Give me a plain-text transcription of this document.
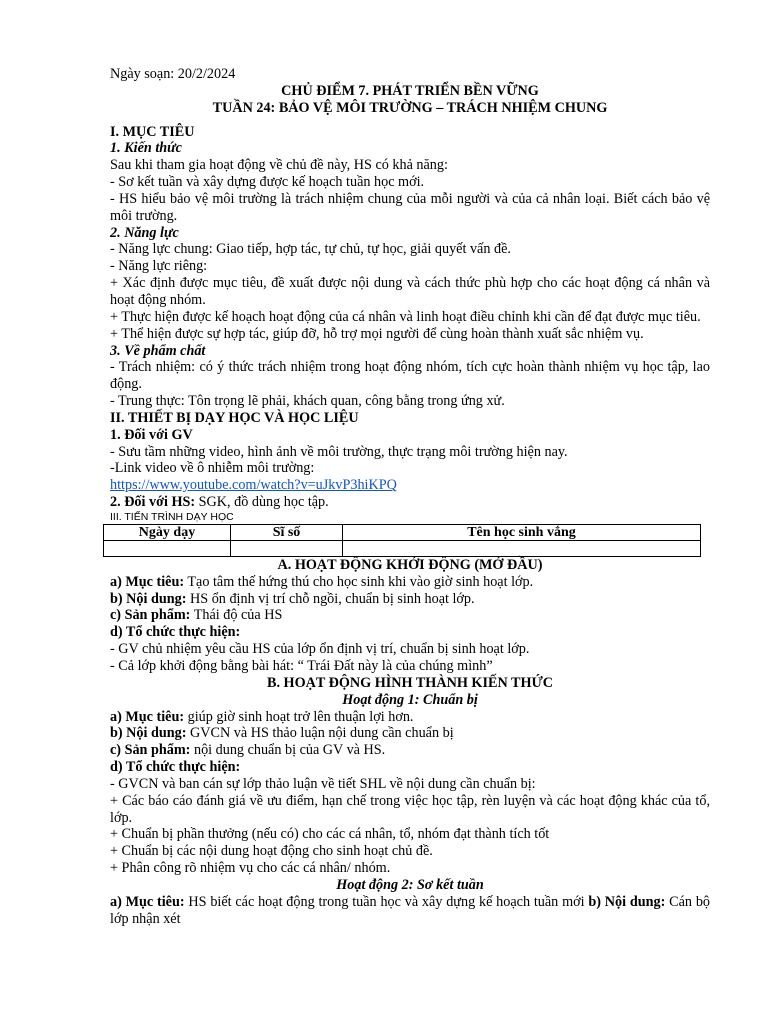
Ngày soạn: 20/2/2024

CHỦ ĐIỂM 7. PHÁT TRIỂN BỀN VỮNG

TUẦN 24: BẢO VỆ MÔI TRƯỜNG – TRÁCH NHIỆM CHUNG

I. MỤC TIÊU

1. Kiến thức

Sau khi tham gia hoạt động về chủ đề này, HS có khả năng:

- Sơ kết tuần và xây dựng được kế hoạch tuần học mới.

- HS hiểu bảo vệ môi trường là trách nhiệm chung của mỗi người và của cả nhân loại. Biết cách bảo vệ môi trường.

2. Năng lực

- Năng lực chung: Giao tiếp, hợp tác, tự chủ, tự học, giải quyết vấn đề.

- Năng lực riêng:

+ Xác định được mục tiêu, đề xuất được nội dung và cách thức phù hợp cho các hoạt động cá nhân và hoạt động nhóm.

+ Thực hiện được kế hoạch hoạt động của cá nhân và linh hoạt điều chỉnh khi cần để đạt được mục tiêu.

+ Thể hiện được sự hợp tác, giúp đỡ, hỗ trợ mọi người để cùng hoàn thành xuất sắc nhiệm vụ.

3. Về phẩm chất

- Trách nhiệm: có ý thức trách nhiệm trong hoạt động nhóm, tích cực hoàn thành nhiệm vụ học tập, lao động.

- Trung thực: Tôn trọng lẽ phải, khách quan, công bằng trong ứng xử.

II. THIẾT BỊ DẠY HỌC VÀ HỌC LIỆU

1. Đối với GV

- Sưu tầm những video, hình ảnh về môi trường, thực trạng môi trường hiện nay.

-Link video về ô nhiễm môi trường:

https://www.youtube.com/watch?v=uJkvP3hiKPQ

2. Đối với HS: SGK, đồ dùng học tập.

III. TIẾN TRÌNH DẠY HỌC

Ngày dạy	Sĩ số	Tên học sinh vắng

A. HOẠT ĐỘNG KHỞI ĐỘNG (MỞ ĐẦU)

a) Mục tiêu: Tạo tâm thế hứng thú cho học sinh khi vào giờ sinh hoạt lớp.

b) Nội dung: HS ổn định vị trí chỗ ngồi, chuẩn bị sinh hoạt lớp.

c) Sản phẩm: Thái độ của HS

d) Tổ chức thực hiện:

- GV chủ nhiệm yêu cầu HS của lớp ổn định vị trí, chuẩn bị sinh hoạt lớp.

- Cả lớp khởi động bằng bài hát: “ Trái Đất này là của chúng mình”

B. HOẠT ĐỘNG HÌNH THÀNH KIẾN THỨC

Hoạt động 1: Chuẩn bị

a) Mục tiêu: giúp giờ sinh hoạt trở lên thuận lợi hơn.

b) Nội dung: GVCN và HS thảo luận nội dung cần chuẩn bị

c) Sản phẩm: nội dung chuẩn bị của GV và HS.

d) Tổ chức thực hiện:

- GVCN và ban cán sự lớp thảo luận về tiết SHL về nội dung cần chuẩn bị:

+ Các báo cáo đánh giá về ưu điểm, hạn chế trong việc học tập, rèn luyện và các hoạt động khác của tổ, lớp.

+ Chuẩn bị phần thưởng (nếu có) cho các cá nhân, tổ, nhóm đạt thành tích tốt

+ Chuẩn bị các nội dung hoạt động cho sinh hoạt chủ đề.

+ Phân công rõ nhiệm vụ cho các cá nhân/ nhóm.

Hoạt động 2: Sơ kết tuần

a) Mục tiêu: HS biết các hoạt động trong tuần học và xây dựng kế hoạch tuần mới b) Nội dung: Cán bộ lớp nhận xét
